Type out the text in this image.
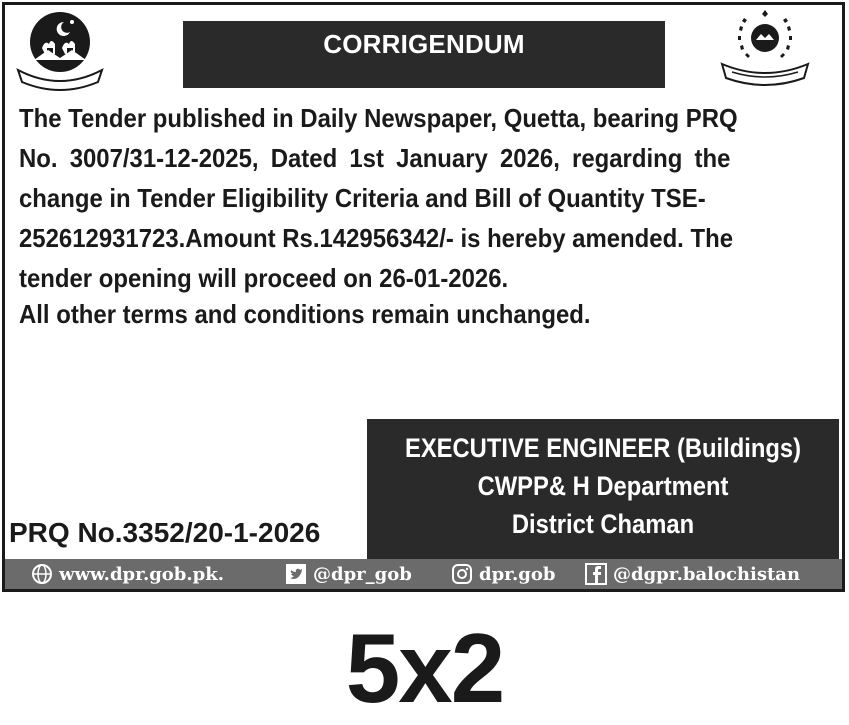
CORRIGENDUM
The Tender published in Daily Newspaper, Quetta, bearing PRQ
No. 3007/31-12-2025, Dated 1st January 2026, regarding the
change in Tender Eligibility Criteria and Bill of Quantity TSE-
252612931723.Amount Rs.142956342/- is hereby amended. The
tender opening will proceed on 26-01-2026.
All other terms and conditions remain unchanged.
EXECUTIVE ENGINEER (Buildings)
CWPP& H Department
District Chaman
PRQ No.3352/20-1-2026
www.dpr.gob.pk.	@dpr_gob	dpr.gob	@dgpr.balochistan
5x2
